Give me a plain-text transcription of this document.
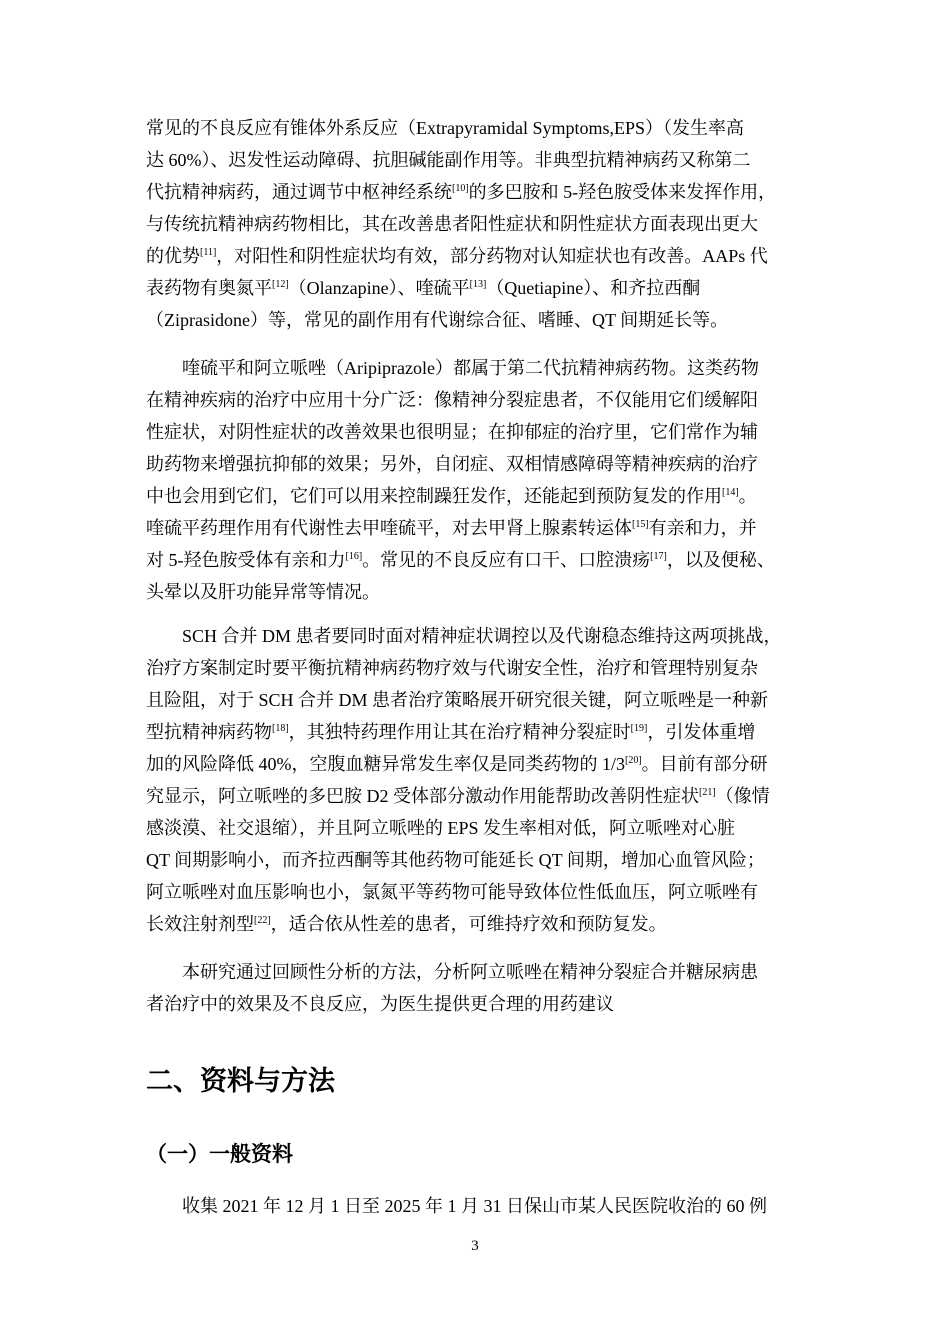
常见的不良反应有锥体外系反应（Extrapyramidal Symptoms,EPS）（发生率高
达 60%）、迟发性运动障碍、抗胆碱能副作用等。非典型抗精神病药又称第二
代抗精神病药，通过调节中枢神经系统[10]的多巴胺和 5-羟色胺受体来发挥作用，
与传统抗精神病药物相比，其在改善患者阳性症状和阴性症状方面表现出更大
的优势[11]，对阳性和阴性症状均有效，部分药物对认知症状也有改善。AAPs 代
表药物有奥氮平[12]（Olanzapine）、喹硫平[13]（Quetiapine）、和齐拉西酮
（Ziprasidone）等，常见的副作用有代谢综合征、嗜睡、QT 间期延长等。
喹硫平和阿立哌唑（Aripiprazole）都属于第二代抗精神病药物。这类药物
在精神疾病的治疗中应用十分广泛：像精神分裂症患者，不仅能用它们缓解阳
性症状，对阴性症状的改善效果也很明显；在抑郁症的治疗里，它们常作为辅
助药物来增强抗抑郁的效果；另外，自闭症、双相情感障碍等精神疾病的治疗
中也会用到它们，它们可以用来控制躁狂发作，还能起到预防复发的作用[14]。
喹硫平药理作用有代谢性去甲喹硫平，对去甲肾上腺素转运体[15]有亲和力，并
对 5-羟色胺受体有亲和力[16]。常见的不良反应有口干、口腔溃疡[17]，以及便秘、
头晕以及肝功能异常等情况。
SCH 合并 DM 患者要同时面对精神症状调控以及代谢稳态维持这两项挑战，
治疗方案制定时要平衡抗精神病药物疗效与代谢安全性，治疗和管理特别复杂
且险阻，对于 SCH 合并 DM 患者治疗策略展开研究很关键，阿立哌唑是一种新
型抗精神病药物[18]，其独特药理作用让其在治疗精神分裂症时[19]，引发体重增
加的风险降低 40%，空腹血糖异常发生率仅是同类药物的 1/3[20]。目前有部分研
究显示，阿立哌唑的多巴胺 D2 受体部分激动作用能帮助改善阴性症状[21]（像情
感淡漠、社交退缩），并且阿立哌唑的 EPS 发生率相对低，阿立哌唑对心脏
QT 间期影响小，而齐拉西酮等其他药物可能延长 QT 间期，增加心血管风险；
阿立哌唑对血压影响也小，氯氮平等药物可能导致体位性低血压，阿立哌唑有
长效注射剂型[22]，适合依从性差的患者，可维持疗效和预防复发。
本研究通过回顾性分析的方法，分析阿立哌唑在精神分裂症合并糖尿病患
者治疗中的效果及不良反应，为医生提供更合理的用药建议
二、资料与方法
（一）一般资料
收集 2021 年 12 月 1 日至 2025 年 1 月 31 日保山市某人民医院收治的 60 例
3
